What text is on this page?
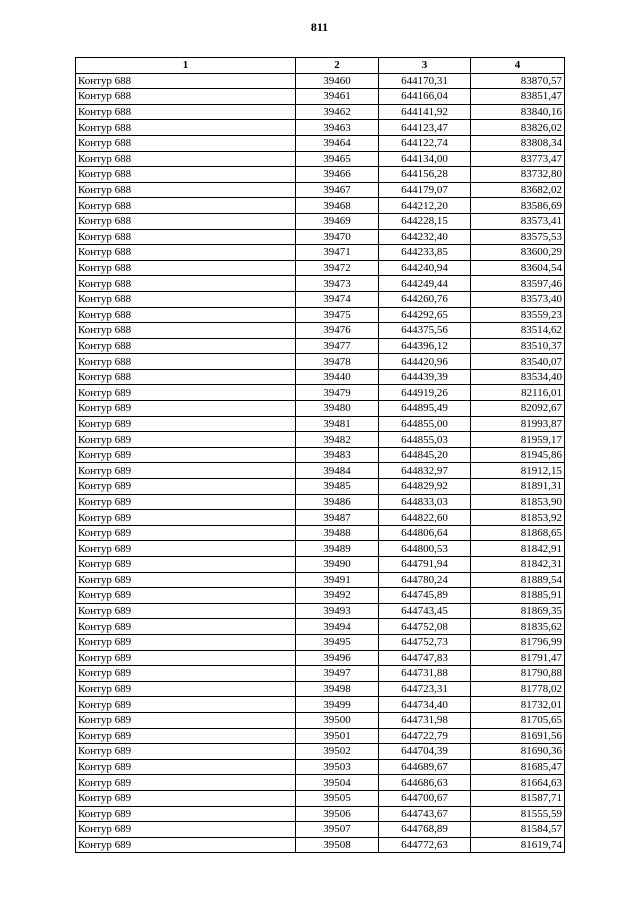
811
1	2	3	4
Контур 688	39460	644170,31	83870,57
Контур 688	39461	644166,04	83851,47
Контур 688	39462	644141,92	83840,16
Контур 688	39463	644123,47	83826,02
Контур 688	39464	644122,74	83808,34
Контур 688	39465	644134,00	83773,47
Контур 688	39466	644156,28	83732,80
Контур 688	39467	644179,07	83682,02
Контур 688	39468	644212,20	83586,69
Контур 688	39469	644228,15	83573,41
Контур 688	39470	644232,40	83575,53
Контур 688	39471	644233,85	83600,29
Контур 688	39472	644240,94	83604,54
Контур 688	39473	644249,44	83597,46
Контур 688	39474	644260,76	83573,40
Контур 688	39475	644292,65	83559,23
Контур 688	39476	644375,56	83514,62
Контур 688	39477	644396,12	83510,37
Контур 688	39478	644420,96	83540,07
Контур 688	39440	644439,39	83534,40
Контур 689	39479	644919,26	82116,01
Контур 689	39480	644895,49	82092,67
Контур 689	39481	644855,00	81993,87
Контур 689	39482	644855,03	81959,17
Контур 689	39483	644845,20	81945,86
Контур 689	39484	644832,97	81912,15
Контур 689	39485	644829,92	81891,31
Контур 689	39486	644833,03	81853,90
Контур 689	39487	644822,60	81853,92
Контур 689	39488	644806,64	81868,65
Контур 689	39489	644800,53	81842,91
Контур 689	39490	644791,94	81842,31
Контур 689	39491	644780,24	81889,54
Контур 689	39492	644745,89	81885,91
Контур 689	39493	644743,45	81869,35
Контур 689	39494	644752,08	81835,62
Контур 689	39495	644752,73	81796,99
Контур 689	39496	644747,83	81791,47
Контур 689	39497	644731,88	81790,88
Контур 689	39498	644723,31	81778,02
Контур 689	39499	644734,40	81732,01
Контур 689	39500	644731,98	81705,65
Контур 689	39501	644722,79	81691,56
Контур 689	39502	644704,39	81690,36
Контур 689	39503	644689,67	81685,47
Контур 689	39504	644686,63	81664,63
Контур 689	39505	644700,67	81587,71
Контур 689	39506	644743,67	81555,59
Контур 689	39507	644768,89	81584,57
Контур 689	39508	644772,63	81619,74
